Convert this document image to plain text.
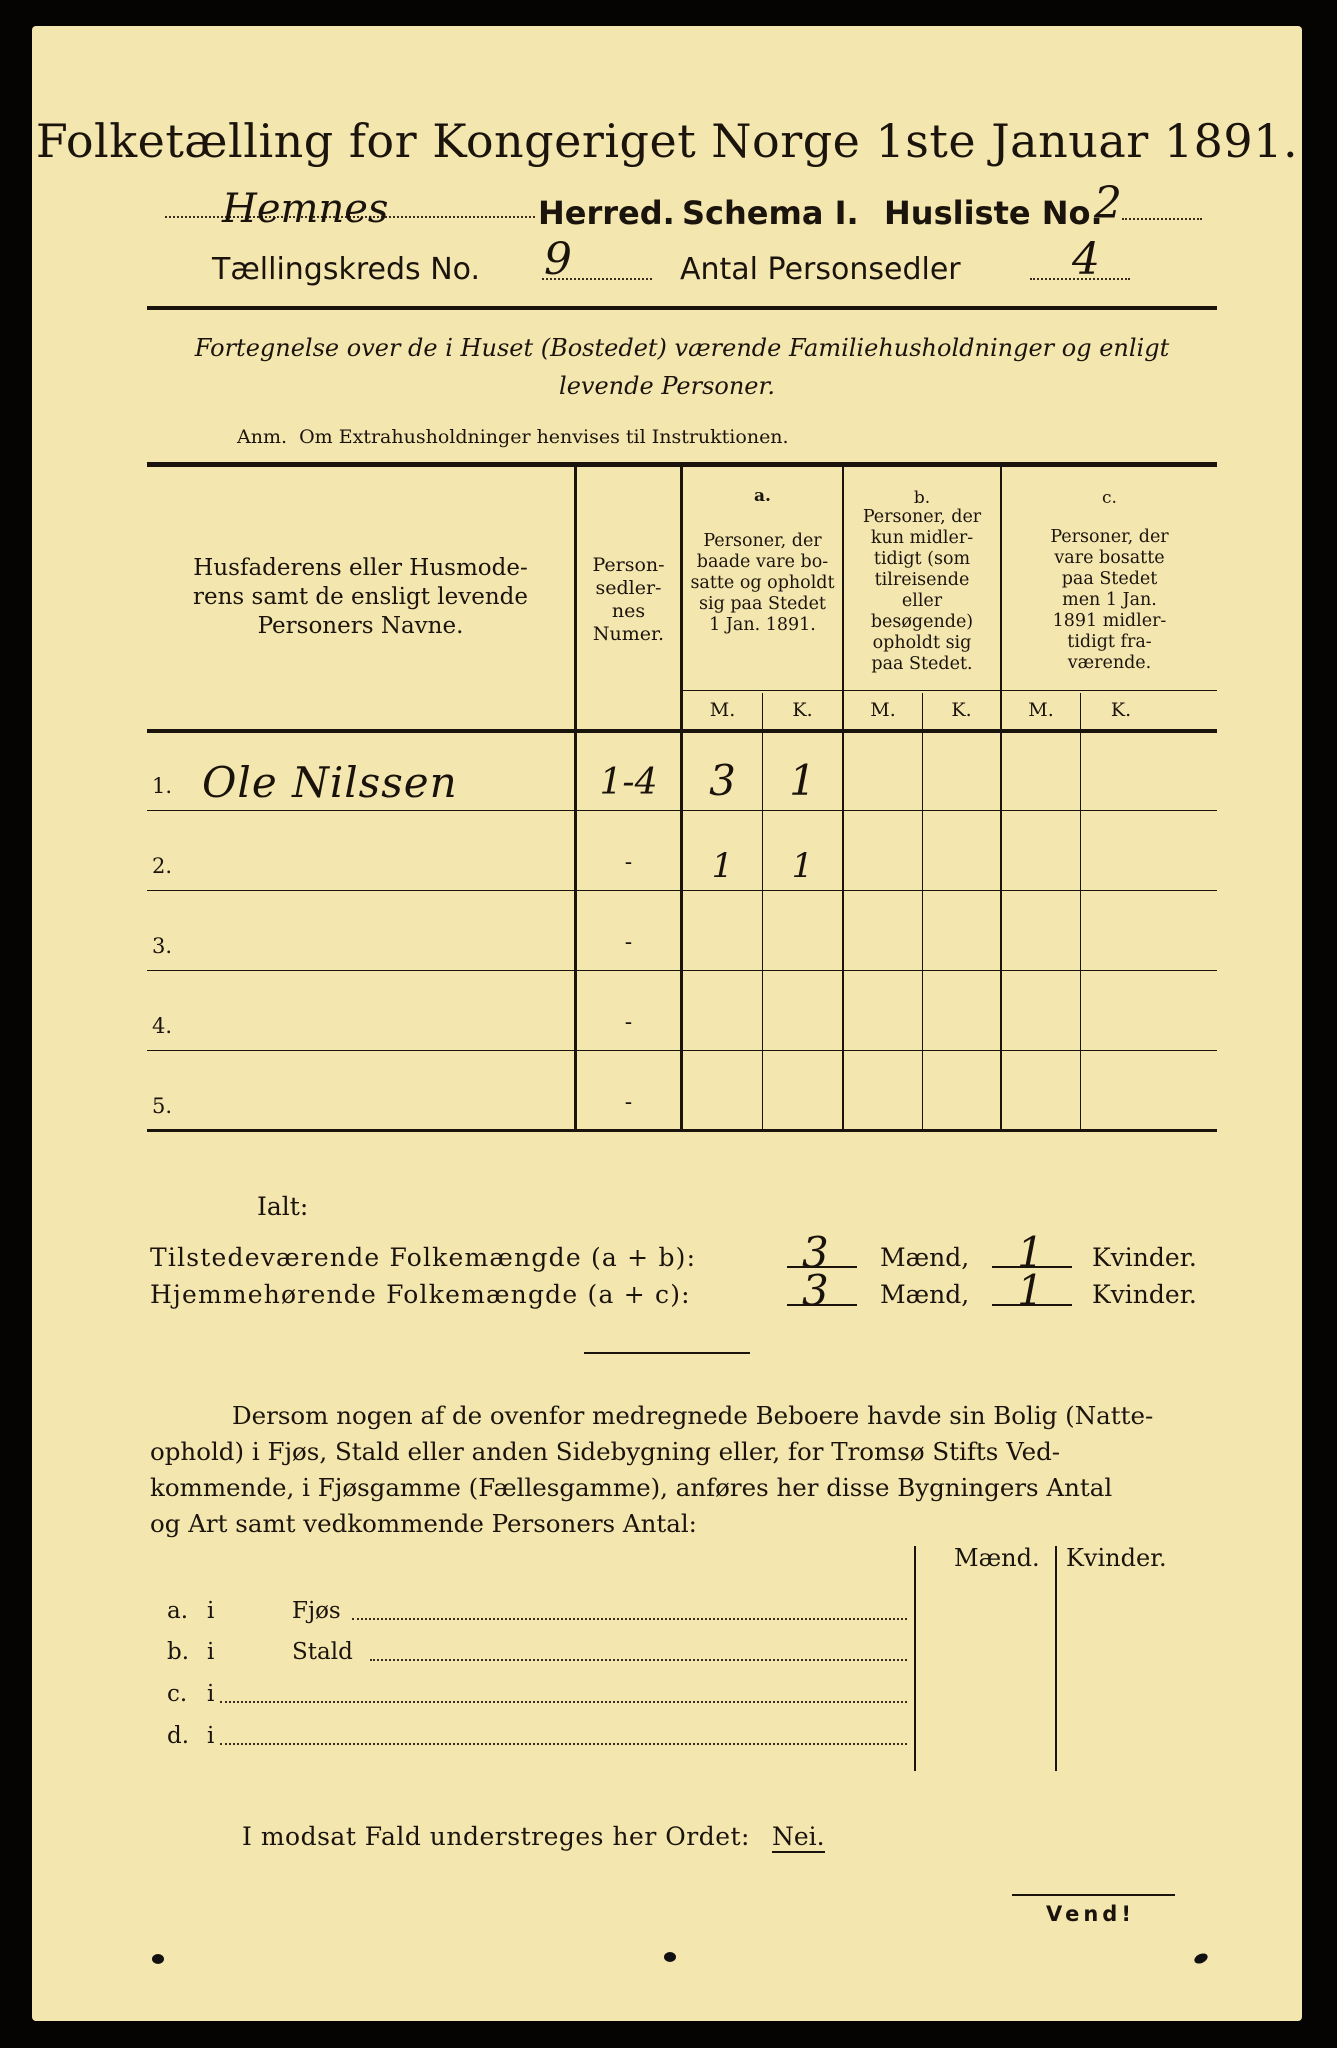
Folketælling for Kongeriget Norge 1ste Januar 1891.
Hemnes	Herred. Schema I. Husliste No.
2
Tællingskreds No. 9	Antal Personsedler	4
Fortegnelse over de i Huset (Bostedet) værende Familiehusholdninger og enligt
levende Personer.
Anm.  Om Extrahusholdninger henvises til Instruktionen.
Husfaderens eller Husmode-
rens samt de ensligt levende
Personers Navne.
Person-
sedler-
nes
Numer.
a.
Personer, der
baade vare bo-
satte og opholdt
sig paa Stedet
1 Jan. 1891.
b.
Personer, der
kun midler-
tidigt (som
tilreisende
eller
besøgende)
opholdt sig
paa Stedet.
c.
Personer, der
vare bosatte
paa Stedet
men 1 Jan.
1891 midler-
tidigt fra-
værende.
M.	K.	M.	K.	M.	K.
1. Ole Nilssen	1-4	3	1
2.	-	1	1
3.	-
4.	-
5.	-
Ialt:
Tilstedeværende Folkemængde (a + b):	3 Mænd, 1 Kvinder.
Hjemmehørende Folkemængde (a + c):	3 Mænd, 1 Kvinder.
Dersom nogen af de ovenfor medregnede Beboere havde sin Bolig (Natte-
ophold) i Fjøs, Stald eller anden Sidebygning eller, for Tromsø Stifts Ved-
kommende, i Fjøsgamme (Fællesgamme), anføres her disse Bygningers Antal
og Art samt vedkommende Personers Antal:
Mænd. Kvinder.
a. i	Fjøs
b. i	Stald
c. i
d. i
I modsat Fald understreges her Ordet: Nei.
Vend!
